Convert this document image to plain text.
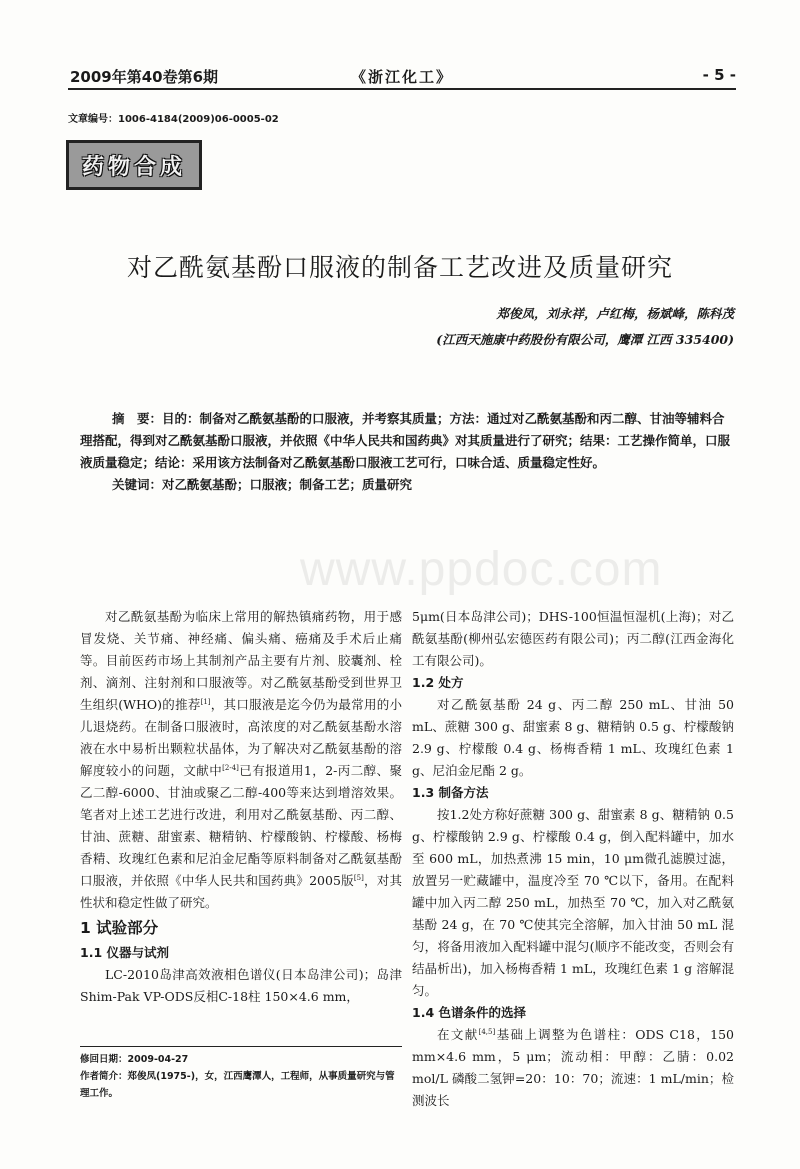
2009年第40卷第6期	《浙江化工》	- 5 -
文章编号：1006-4184(2009)06-0005-02
药物合成
对乙酰氨基酚口服液的制备工艺改进及质量研究
郑俊凤，刘永祥，卢红梅，杨斌峰，陈科茂
(江西天施康中药股份有限公司，鹰潭 江西 335400)

摘　要：目的：制备对乙酰氨基酚的口服液，并考察其质量；方法：通过对乙酰氨基酚和丙二醇、甘油等辅料合理搭配，得到对乙酰氨基酚口服液，并依照《中华人民共和国药典》对其质量进行了研究；结果：工艺操作简单，口服液质量稳定；结论：采用该方法制备对乙酰氨基酚口服液工艺可行，口味合适、质量稳定性好。

关键词：对乙酰氨基酚；口服液；制备工艺；质量研究

www.ppdoc.com

对乙酰氨基酚为临床上常用的解热镇痛药物，用于感冒发烧、关节痛、神经痛、偏头痛、癌痛及手术后止痛等。目前医药市场上其制剂产品主要有片剂、胶囊剂、栓剂、滴剂、注射剂和口服液等。对乙酰氨基酚受到世界卫生组织(WHO)的推荐[1]，其口服液是迄今仍为最常用的小儿退烧药。在制备口服液时，高浓度的对乙酰氨基酚水溶液在水中易析出颗粒状晶体，为了解决对乙酰氨基酚的溶解度较小的问题，文献中[2-4]已有报道用1，2-丙二醇、聚乙二醇-6000、甘油或聚乙二醇-400等来达到增溶效果。笔者对上述工艺进行改进，利用对乙酰氨基酚、丙二醇、甘油、蔗糖、甜蜜素、糖精钠、柠檬酸钠、柠檬酸、杨梅香精、玫瑰红色素和尼泊金尼酯等原料制备对乙酰氨基酚口服液，并依照《中华人民共和国药典》2005版[5]，对其性状和稳定性做了研究。

1 试验部分
1.1 仪器与试剂

LC-2010岛津高效液相色谱仪(日本岛津公司)；岛津Shim-Pak VP-ODS反相C-18柱 150×4.6 mm，

修回日期：2009-04-27
作者简介：郑俊凤(1975-)，女，江西鹰潭人，工程师，从事质量研究与管理工作。

5μm(日本岛津公司)；DHS-100恒温恒湿机(上海)；对乙酰氨基酚(柳州弘宏德医药有限公司)；丙二醇(江西金海化工有限公司)。

1.2 处方

对乙酰氨基酚 24 g、丙二醇 250 mL、甘油 50 mL、蔗糖 300 g、甜蜜素 8 g、糖精钠 0.5 g、柠檬酸钠 2.9 g、柠檬酸 0.4 g、杨梅香精 1 mL、玫瑰红色素 1 g、尼泊金尼酯 2 g。

1.3 制备方法

按1.2处方称好蔗糖 300 g、甜蜜素 8 g、糖精钠 0.5 g、柠檬酸钠 2.9 g、柠檬酸 0.4 g，倒入配料罐中，加水至 600 mL，加热煮沸 15 min，10 μm微孔滤膜过滤，放置另一贮藏罐中，温度冷至 70 ℃以下，备用。在配料罐中加入丙二醇 250 mL，加热至 70 ℃，加入对乙酰氨基酚 24 g，在 70 ℃使其完全溶解，加入甘油 50 mL 混匀，将备用液加入配料罐中混匀(顺序不能改变，否则会有结晶析出)，加入杨梅香精 1 mL，玫瑰红色素 1 g 溶解混匀。

1.4 色谱条件的选择

在文献[4,5]基础上调整为色谱柱：ODS C18，150 mm×4.6 mm，5 μm；流动相：甲醇：乙腈：0.02 mol/L 磷酸二氢钾=20：10：70；流速：1 mL/min；检测波长
